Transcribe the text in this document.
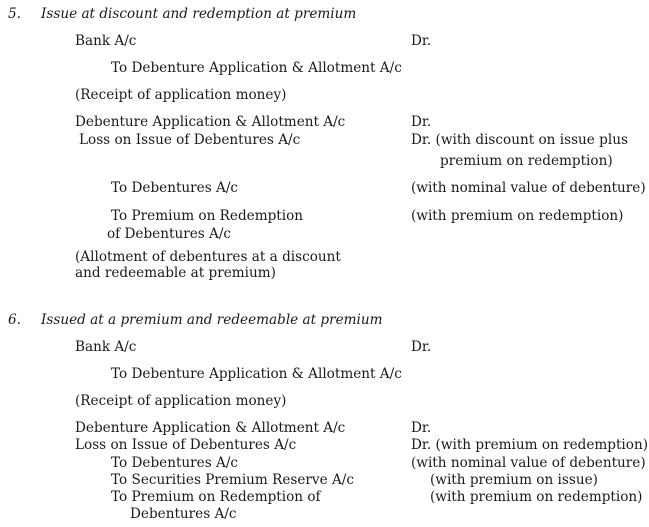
5. Issue at discount and redemption at premium
Bank A/c	Dr.
To Debenture Application & Allotment A/c
(Receipt of application money)
Debenture Application & Allotment A/c	Dr.
Loss on Issue of Debentures A/c	Dr. (with discount on issue plus
premium on redemption)
To Debentures A/c	(with nominal value of debenture)
To Premium on Redemption	(with premium on redemption)
of Debentures A/c
(Allotment of debentures at a discount
and redeemable at premium)
6. Issued at a premium and redeemable at premium
Bank A/c	Dr.
To Debenture Application & Allotment A/c
(Receipt of application money)
Debenture Application & Allotment A/c	Dr.
Loss on Issue of Debentures A/c	Dr. (with premium on redemption)
To Debentures A/c	(with nominal value of debenture)
To Securities Premium Reserve A/c	(with premium on issue)
To Premium on Redemption of	(with premium on redemption)
Debentures A/c
